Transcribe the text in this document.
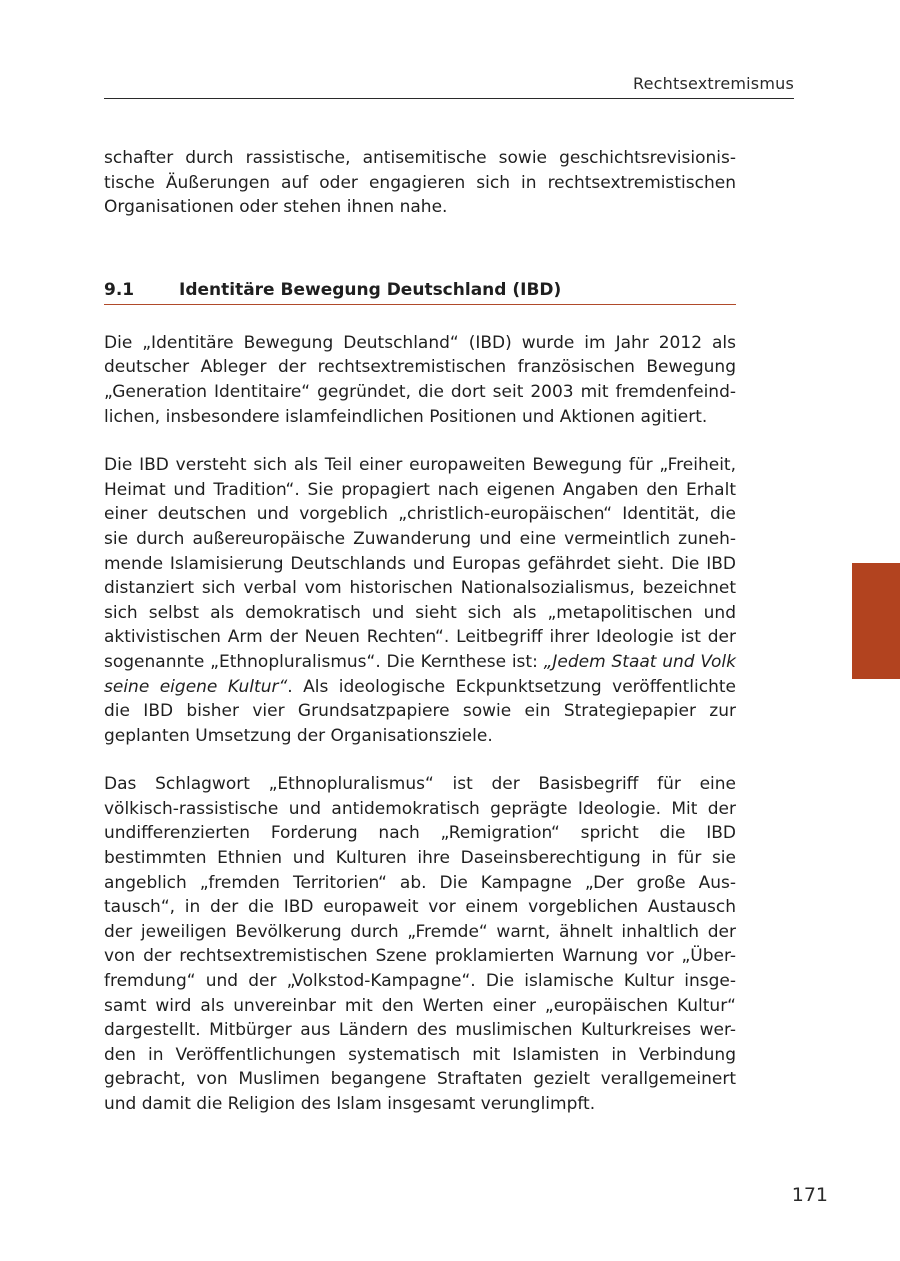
Rechtsextremismus

schafter durch rassistische, antisemitische sowie geschichtsrevisionis-

tische Äußerungen auf oder engagieren sich in rechtsextremistischen

Organisationen oder stehen ihnen nahe.

9.1	Identitäre Bewegung Deutschland (IBD)

Die „Identitäre Bewegung Deutschland“ (IBD) wurde im Jahr 2012 als

deutscher Ableger der rechtsextremistischen französischen Bewegung

„Generation Identitaire“ gegründet, die dort seit 2003 mit fremdenfeind-

lichen, insbesondere islamfeindlichen Positionen und Aktionen agitiert.

Die IBD versteht sich als Teil einer europaweiten Bewegung für „Freiheit,

Heimat und Tradition“. Sie propagiert nach eigenen Angaben den Erhalt

einer deutschen und vorgeblich „christlich-europäischen“ Identität, die

sie durch außereuropäische Zuwanderung und eine vermeintlich zuneh-

mende Islamisierung Deutschlands und Europas gefährdet sieht. Die IBD

distanziert sich verbal vom historischen Nationalsozialismus, bezeichnet

sich selbst als demokratisch und sieht sich als „metapolitischen und

aktivistischen Arm der Neuen Rechten“. Leitbegriff ihrer Ideologie ist der

sogenannte „Ethnopluralismus“. Die Kernthese ist: „Jedem Staat und Volk

seine eigene Kultur“. Als ideologische Eckpunktsetzung veröffentlichte

die IBD bisher vier Grundsatzpapiere sowie ein Strategiepapier zur

geplanten Umsetzung der Organisationsziele.

Das Schlagwort „Ethnopluralismus“ ist der Basisbegriff für eine

völkisch-rassistische und antidemokratisch geprägte Ideologie. Mit der

undifferenzierten Forderung nach „Remigration“ spricht die IBD

bestimmten Ethnien und Kulturen ihre Daseinsberechtigung in für sie

angeblich „fremden Territorien“ ab. Die Kampagne „Der große Aus-

tausch“, in der die IBD europaweit vor einem vorgeblichen Austausch

der jeweiligen Bevölkerung durch „Fremde“ warnt, ähnelt inhaltlich der

von der rechtsextremistischen Szene proklamierten Warnung vor „Über-

fremdung“ und der „Volkstod-Kampagne“. Die islamische Kultur insge-

samt wird als unvereinbar mit den Werten einer „europäischen Kultur“

dargestellt. Mitbürger aus Ländern des muslimischen Kulturkreises wer-

den in Veröffentlichungen systematisch mit Islamisten in Verbindung

gebracht, von Muslimen begangene Straftaten gezielt verallgemeinert

und damit die Religion des Islam insgesamt verunglimpft.

171
